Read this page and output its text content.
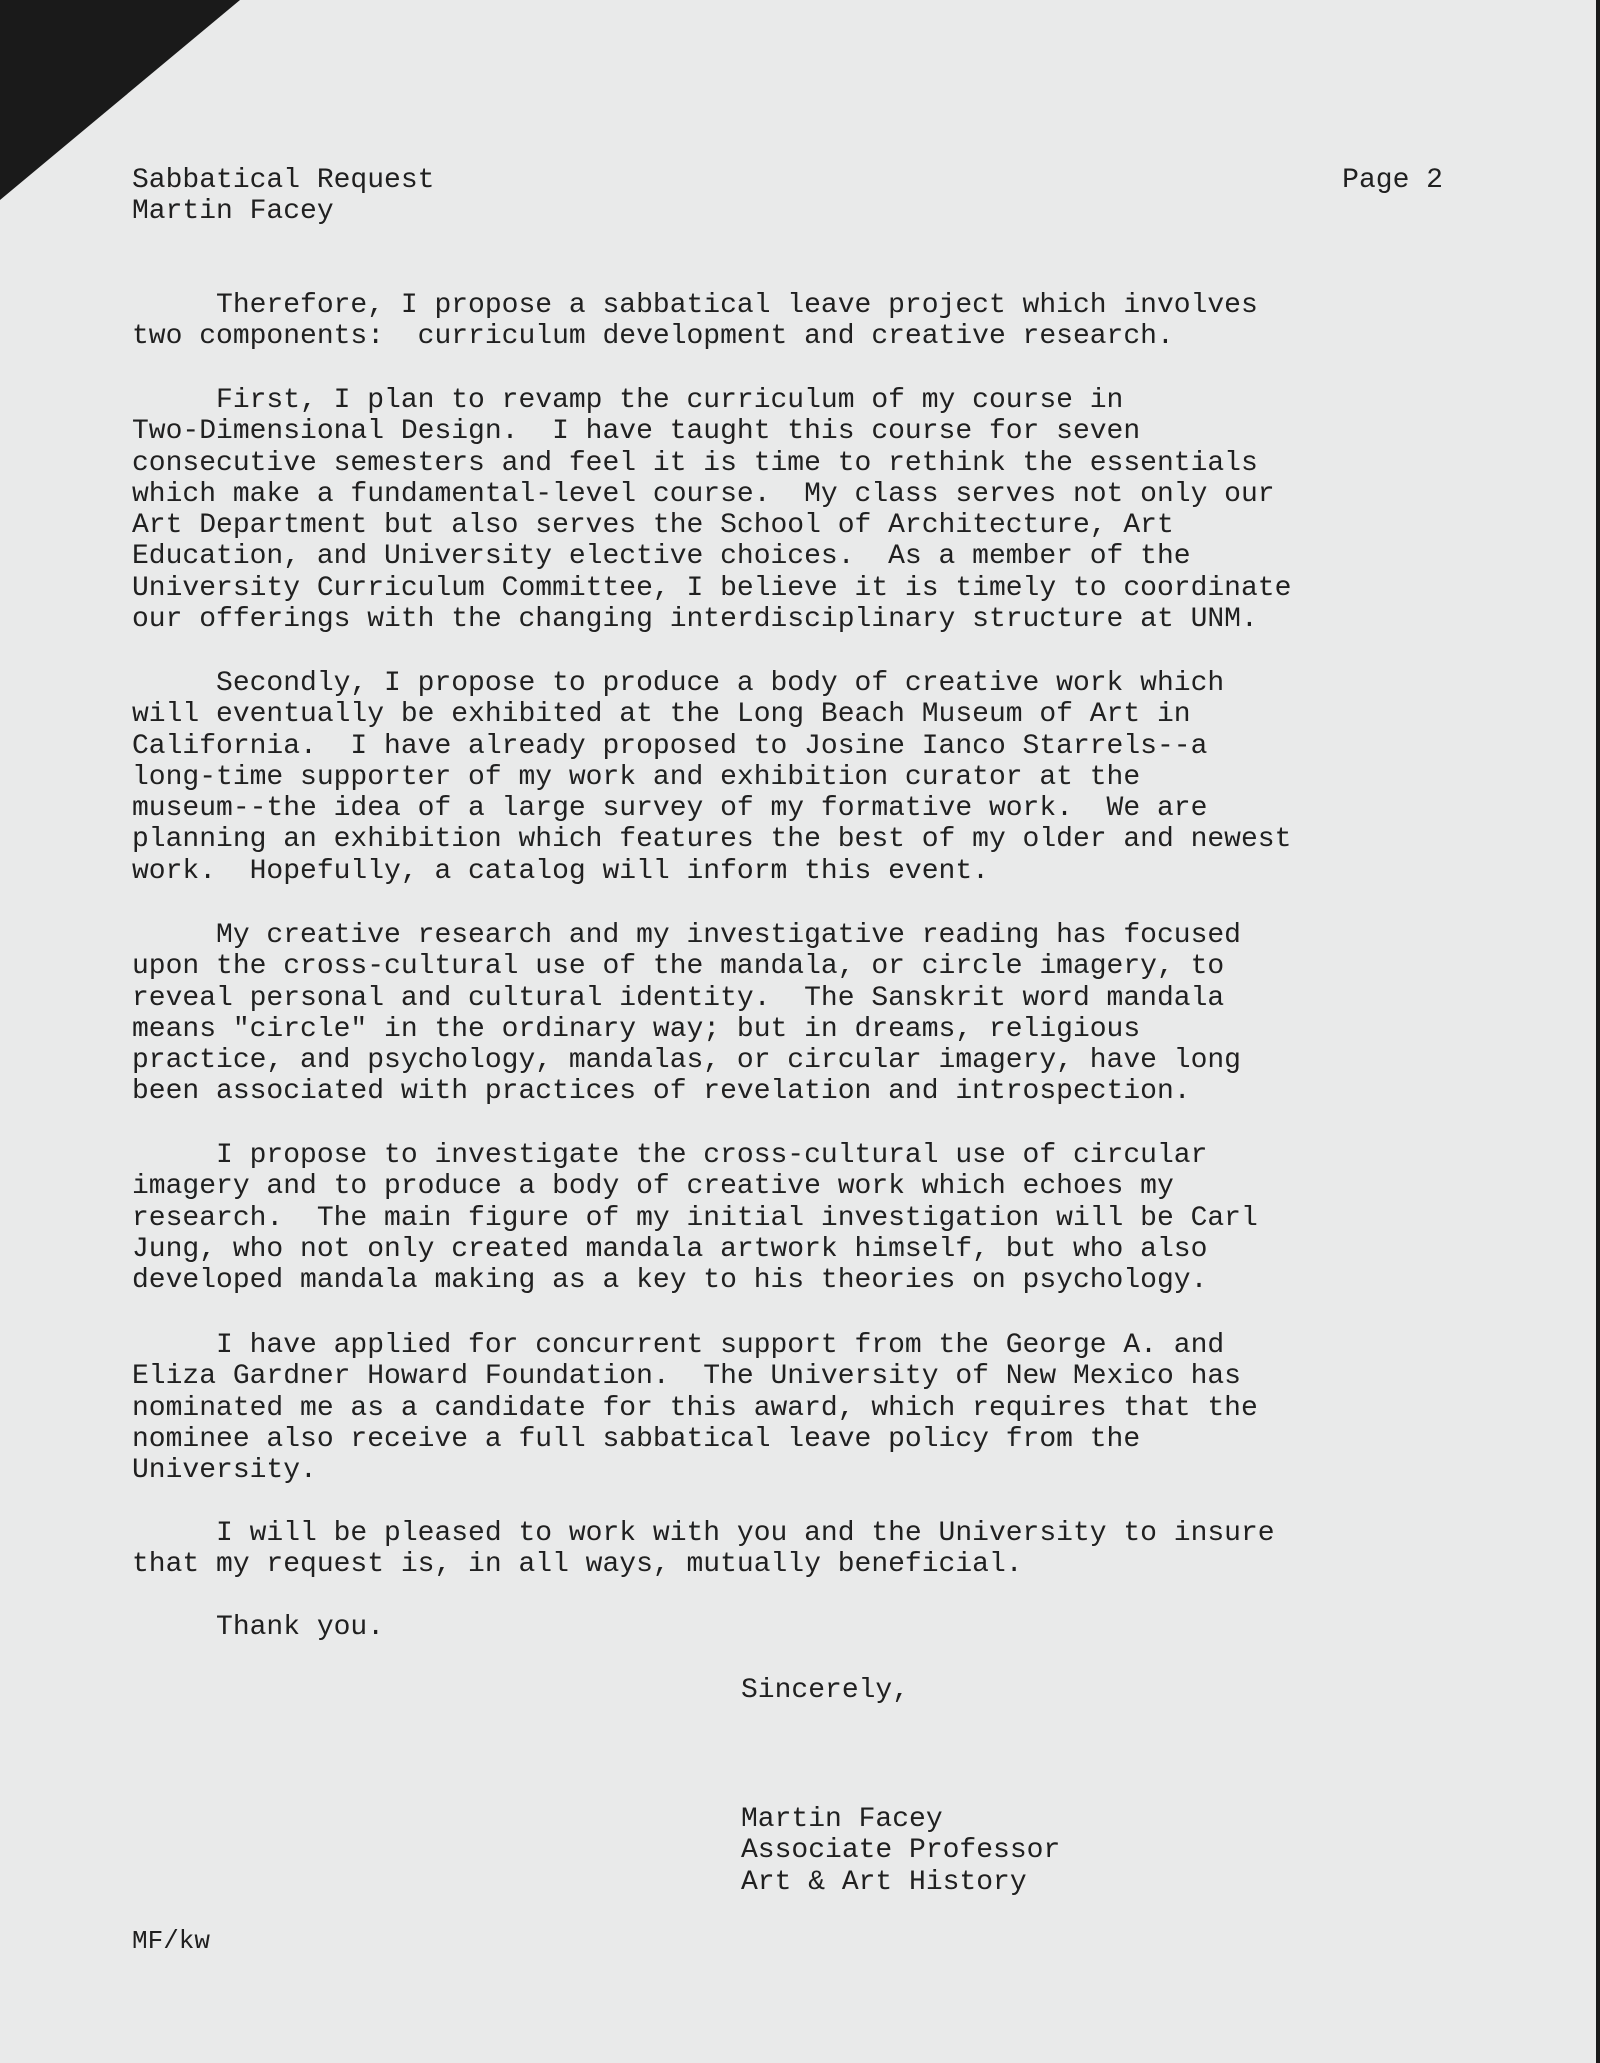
Sabbatical Request
Martin Facey
Page 2
Therefore, I propose a sabbatical leave project which involves
two components:  curriculum development and creative research.
First, I plan to revamp the curriculum of my course in
Two-Dimensional Design.  I have taught this course for seven
consecutive semesters and feel it is time to rethink the essentials
which make a fundamental-level course.  My class serves not only our
Art Department but also serves the School of Architecture, Art
Education, and University elective choices.  As a member of the
University Curriculum Committee, I believe it is timely to coordinate
our offerings with the changing interdisciplinary structure at UNM.
Secondly, I propose to produce a body of creative work which
will eventually be exhibited at the Long Beach Museum of Art in
California.  I have already proposed to Josine Ianco Starrels--a
long-time supporter of my work and exhibition curator at the
museum--the idea of a large survey of my formative work.  We are
planning an exhibition which features the best of my older and newest
work.  Hopefully, a catalog will inform this event.
My creative research and my investigative reading has focused
upon the cross-cultural use of the mandala, or circle imagery, to
reveal personal and cultural identity.  The Sanskrit word mandala
means "circle" in the ordinary way; but in dreams, religious
practice, and psychology, mandalas, or circular imagery, have long
been associated with practices of revelation and introspection.
I propose to investigate the cross-cultural use of circular
imagery and to produce a body of creative work which echoes my
research.  The main figure of my initial investigation will be Carl
Jung, who not only created mandala artwork himself, but who also
developed mandala making as a key to his theories on psychology.
I have applied for concurrent support from the George A. and
Eliza Gardner Howard Foundation.  The University of New Mexico has
nominated me as a candidate for this award, which requires that the
nominee also receive a full sabbatical leave policy from the
University.
I will be pleased to work with you and the University to insure
that my request is, in all ways, mutually beneficial.
Thank you.
Sincerely,
Martin Facey
Associate Professor
Art & Art History
MF/kw
